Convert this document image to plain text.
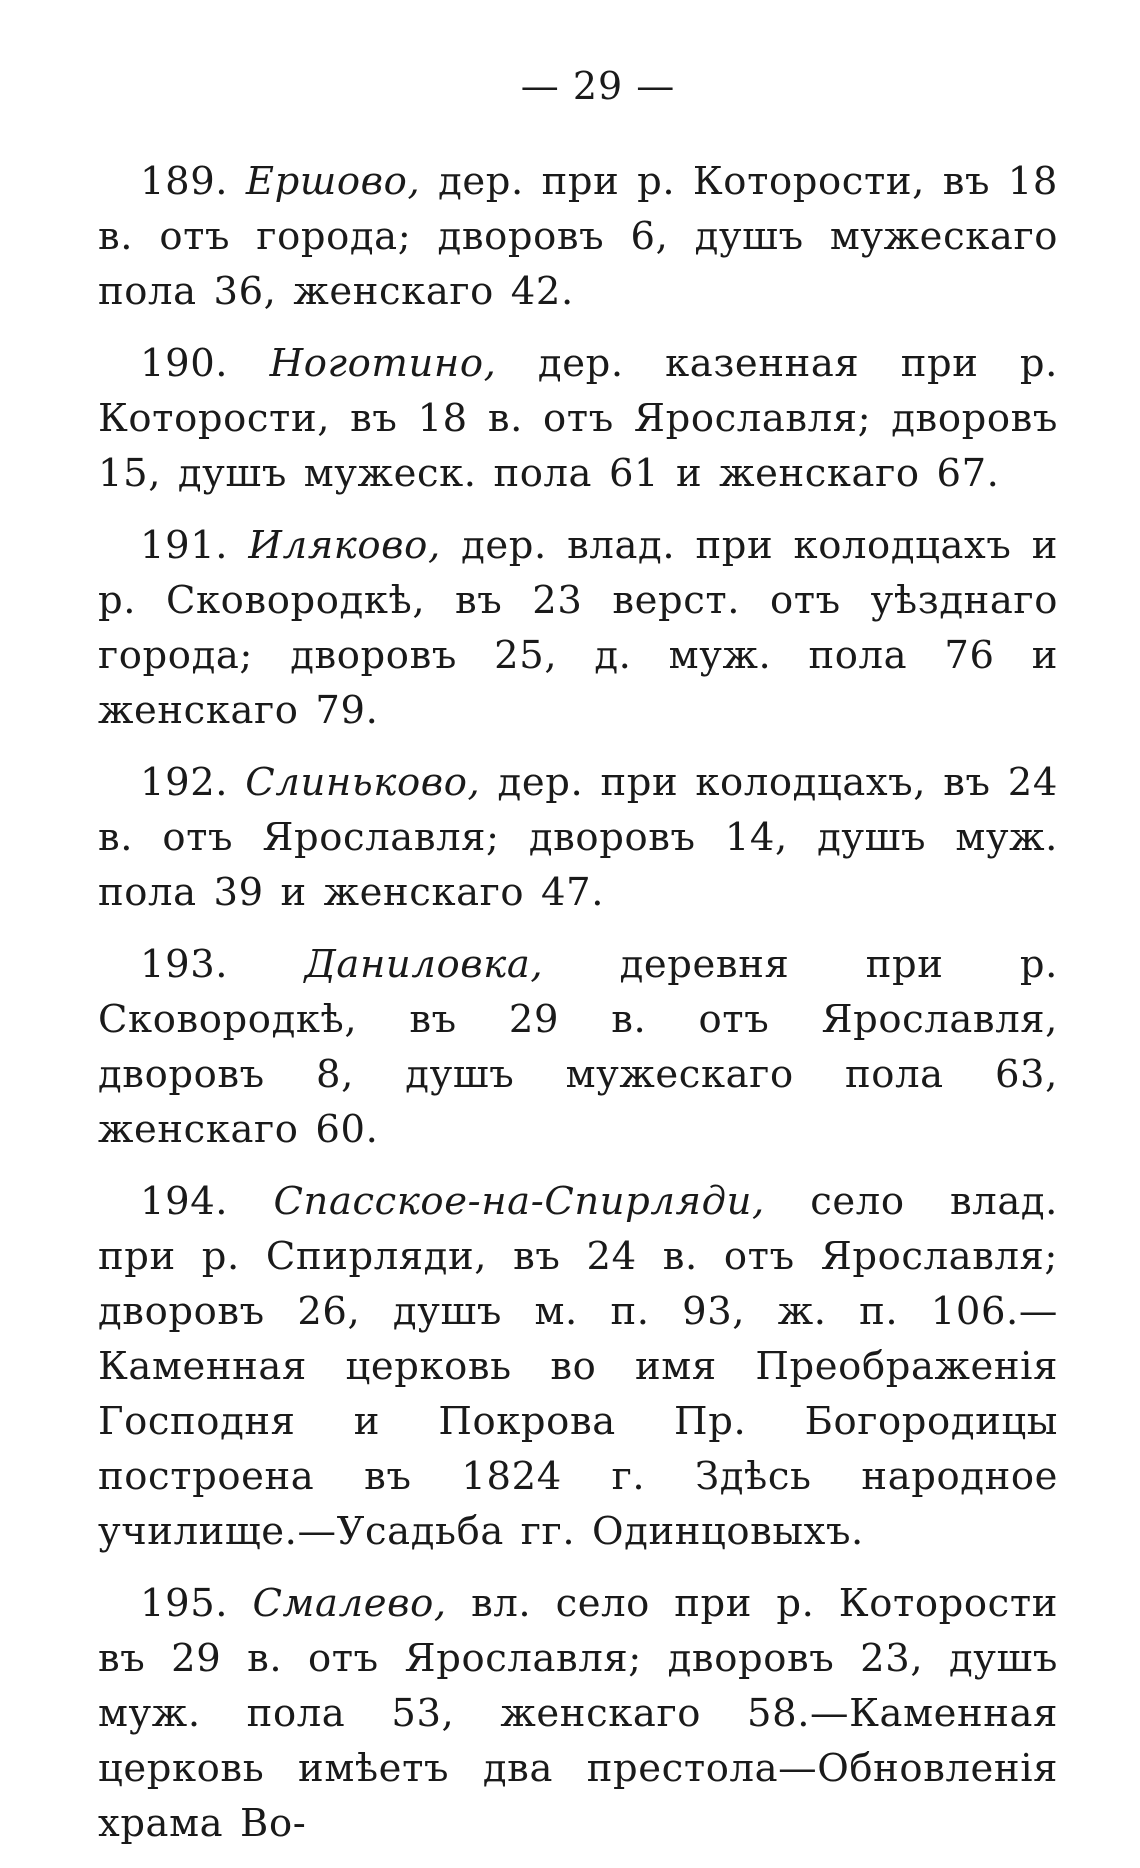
— 29 —

189. Ершово, дер. при р. Которости, въ 18 в. отъ города; дворовъ 6, душъ мужескаго пола 36, женскаго 42.

190. Ноготино, дер. казенная при р. Которости, въ 18 в. отъ Ярославля; дворовъ 15, душъ мужеск. пола 61 и женскаго 67.

191. Иляково, дер. влад. при колодцахъ и р. Сковородкѣ, въ 23 верст. отъ уѣзднаго города; дворовъ 25, д. муж. пола 76 и женскаго 79.

192. Слиньково, дер. при колодцахъ, въ 24 в. отъ Ярославля; дворовъ 14, душъ муж. пола 39 и женскаго 47.

193. Даниловка, деревня при р. Сковородкѣ, въ 29 в. отъ Ярославля, дворовъ 8, душъ мужескаго пола 63, женскаго 60.

194. Спасское-на-Спирляди, село влад. при р. Спирляди, въ 24 в. отъ Ярославля; дворовъ 26, душъ м. п. 93, ж. п. 106.—Каменная церковь во имя Преображенія Господня и Покрова Пр. Богородицы построена въ 1824 г. Здѣсь народное училище.—Усадьба гг. Одинцовыхъ.

195. Смалево, вл. село при р. Которости въ 29 в. отъ Ярославля; дворовъ 23, душъ муж. пола 53, женскаго 58.—Каменная церковь имѣетъ два престола—Обновленія храма Во-
